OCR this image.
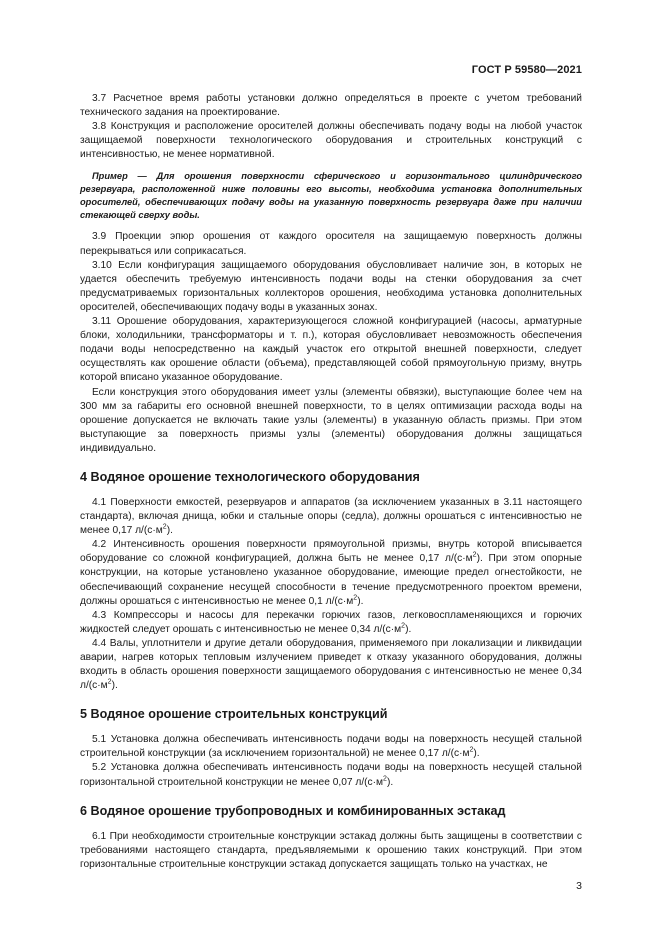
ГОСТ Р 59580—2021

3.7 Расчетное время работы установки должно определяться в проекте с учетом требований технического задания на проектирование.

3.8 Конструкция и расположение оросителей должны обеспечивать подачу воды на любой участок защищаемой поверхности технологического оборудования и строительных конструкций с интенсивностью, не менее нормативной.

Пример — Для орошения поверхности сферического и горизонтального цилиндрического резервуара, расположенной ниже половины его высоты, необходима установка дополнительных оросителей, обеспечивающих подачу воды на указанную поверхность резервуара даже при наличии стекающей сверху воды.

3.9 Проекции эпюр орошения от каждого оросителя на защищаемую поверхность должны перекрываться или соприкасаться.

3.10 Если конфигурация защищаемого оборудования обусловливает наличие зон, в которых не удается обеспечить требуемую интенсивность подачи воды на стенки оборудования за счет предусматриваемых горизонтальных коллекторов орошения, необходима установка дополнительных оросителей, обеспечивающих подачу воды в указанных зонах.

3.11 Орошение оборудования, характеризующегося сложной конфигурацией (насосы, арматурные блоки, холодильники, трансформаторы и т. п.), которая обусловливает невозможность обеспечения подачи воды непосредственно на каждый участок его открытой внешней поверхности, следует осуществлять как орошение области (объема), представляющей собой прямоугольную призму, внутрь которой вписано указанное оборудование.

Если конструкция этого оборудования имеет узлы (элементы обвязки), выступающие более чем на 300 мм за габариты его основной внешней поверхности, то в целях оптимизации расхода воды на орошение допускается не включать такие узлы (элементы) в указанную область призмы. При этом выступающие за поверхность призмы узлы (элементы) оборудования должны защищаться индивидуально.

4 Водяное орошение технологического оборудования

4.1 Поверхности емкостей, резервуаров и аппаратов (за исключением указанных в 3.11 настоящего стандарта), включая днища, юбки и стальные опоры (седла), должны орошаться с интенсивностью не менее 0,17 $л/(с\cdot м^2)$.

4.2 Интенсивность орошения поверхности прямоугольной призмы, внутрь которой вписывается оборудование со сложной конфигурацией, должна быть не менее 0,17 $л/(с\cdot м^2)$. При этом опорные конструкции, на которые установлено указанное оборудование, имеющие предел огнестойкости, не обеспечивающий сохранение несущей способности в течение предусмотренного проектом времени, должны орошаться с интенсивностью не менее 0,1 $л/(с\cdot м^2)$.

4.3 Компрессоры и насосы для перекачки горючих газов, легковоспламеняющихся и горючих жидкостей следует орошать с интенсивностью не менее 0,34 $л/(с\cdot м^2)$.

4.4 Валы, уплотнители и другие детали оборудования, применяемого при локализации и ликвидации аварии, нагрев которых тепловым излучением приведет к отказу указанного оборудования, должны входить в область орошения поверхности защищаемого оборудования с интенсивностью не менее 0,34 $л/(с\cdot м^2)$.

5 Водяное орошение строительных конструкций

5.1 Установка должна обеспечивать интенсивность подачи воды на поверхность несущей стальной строительной конструкции (за исключением горизонтальной) не менее 0,17 $л/(с\cdot м^2)$.

5.2 Установка должна обеспечивать интенсивность подачи воды на поверхность несущей стальной горизонтальной строительной конструкции не менее 0,07 $л/(с\cdot м^2)$.

6 Водяное орошение трубопроводных и комбинированных эстакад

6.1 При необходимости строительные конструкции эстакад должны быть защищены в соответствии с требованиями настоящего стандарта, предъявляемыми к орошению таких конструкций. При этом горизонтальные строительные конструкции эстакад допускается защищать только на участках, не

3
